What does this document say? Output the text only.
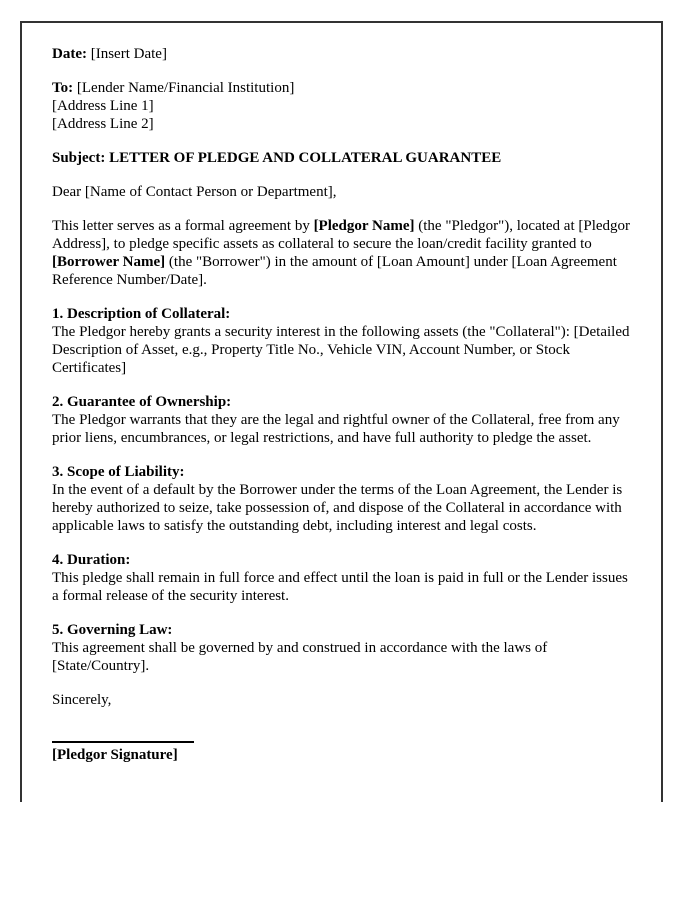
Date: [Insert Date]
To: [Lender Name/Financial Institution]
[Address Line 1]
[Address Line 2]
Subject: LETTER OF PLEDGE AND COLLATERAL GUARANTEE
Dear [Name of Contact Person or Department],
This letter serves as a formal agreement by [Pledgor Name] (the "Pledgor"), located at [Pledgor Address], to pledge specific assets as collateral to secure the loan/credit facility granted to [Borrower Name] (the "Borrower") in the amount of [Loan Amount] under [Loan Agreement Reference Number/Date].
1. Description of Collateral:
The Pledgor hereby grants a security interest in the following assets (the "Collateral"): [Detailed Description of Asset, e.g., Property Title No., Vehicle VIN, Account Number, or Stock Certificates]
2. Guarantee of Ownership:
The Pledgor warrants that they are the legal and rightful owner of the Collateral, free from any prior liens, encumbrances, or legal restrictions, and have full authority to pledge the asset.
3. Scope of Liability:
In the event of a default by the Borrower under the terms of the Loan Agreement, the Lender is hereby authorized to seize, take possession of, and dispose of the Collateral in accordance with applicable laws to satisfy the outstanding debt, including interest and legal costs.
4. Duration:
This pledge shall remain in full force and effect until the loan is paid in full or the Lender issues a formal release of the security interest.
5. Governing Law:
This agreement shall be governed by and construed in accordance with the laws of [State/Country].
Sincerely,
[Pledgor Signature]
